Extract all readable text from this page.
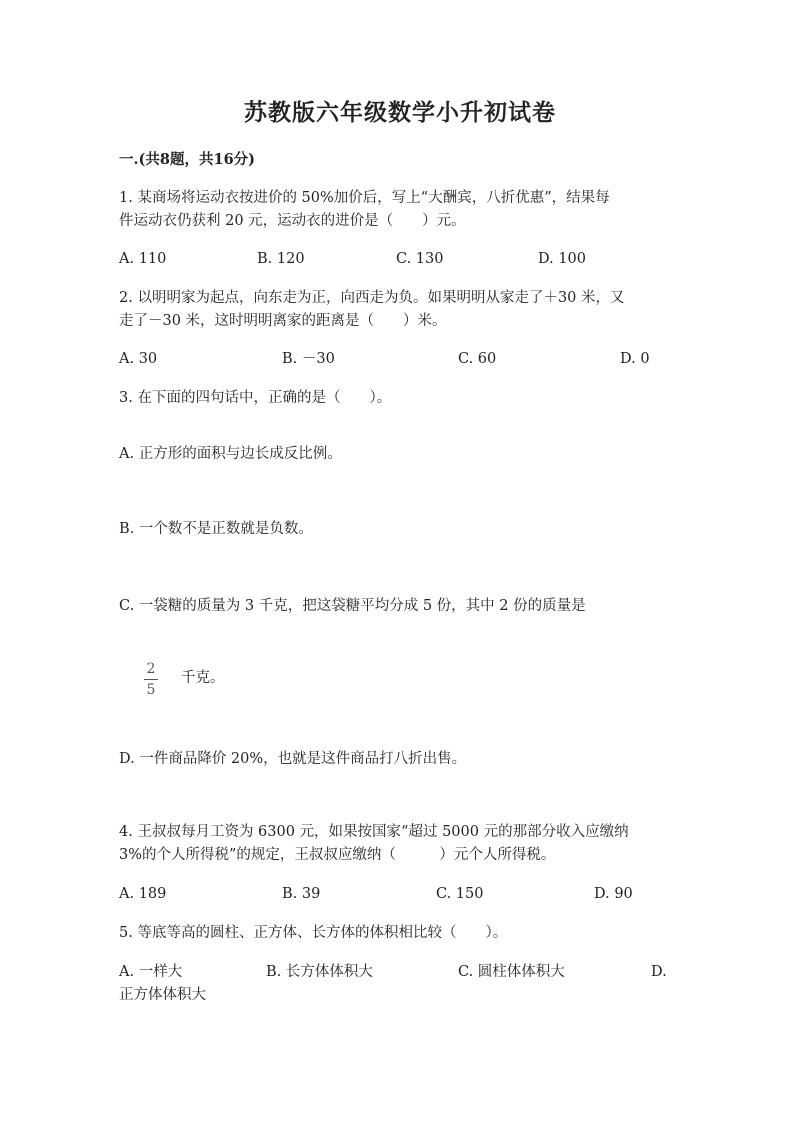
苏教版六年级数学小升初试卷
一.(共8题，共16分)
1. 某商场将运动衣按进价的 50%加价后，写上“大酬宾，八折优惠”，结果每
件运动衣仍获利 20 元，运动衣的进价是（　　）元。
A. 110	B. 120	C. 130	D. 100
2. 以明明家为起点，向东走为正，向西走为负。如果明明从家走了＋30 米，又
走了－30 米，这时明明离家的距离是（　　）米。
A. 30	B. －30	C. 60	D. 0
3. 在下面的四句话中，正确的是（　　）。
A. 正方形的面积与边长成反比例。
B. 一个数不是正数就是负数。
C. 一袋糖的质量为 3 千克，把这袋糖平均分成 5 份，其中 2 份的质量是
2
5
千克。
D. 一件商品降价 20%，也就是这件商品打八折出售。
4. 王叔叔每月工资为 6300 元，如果按国家“超过 5000 元的那部分收入应缴纳
3%的个人所得税”的规定，王叔叔应缴纳（　　　）元个人所得税。
A. 189	B. 39	C. 150	D. 90
5. 等底等高的圆柱、正方体、长方体的体积相比较（　　）。
A. 一样大	B. 长方体体积大	C. 圆柱体体积大	D.
正方体体积大
